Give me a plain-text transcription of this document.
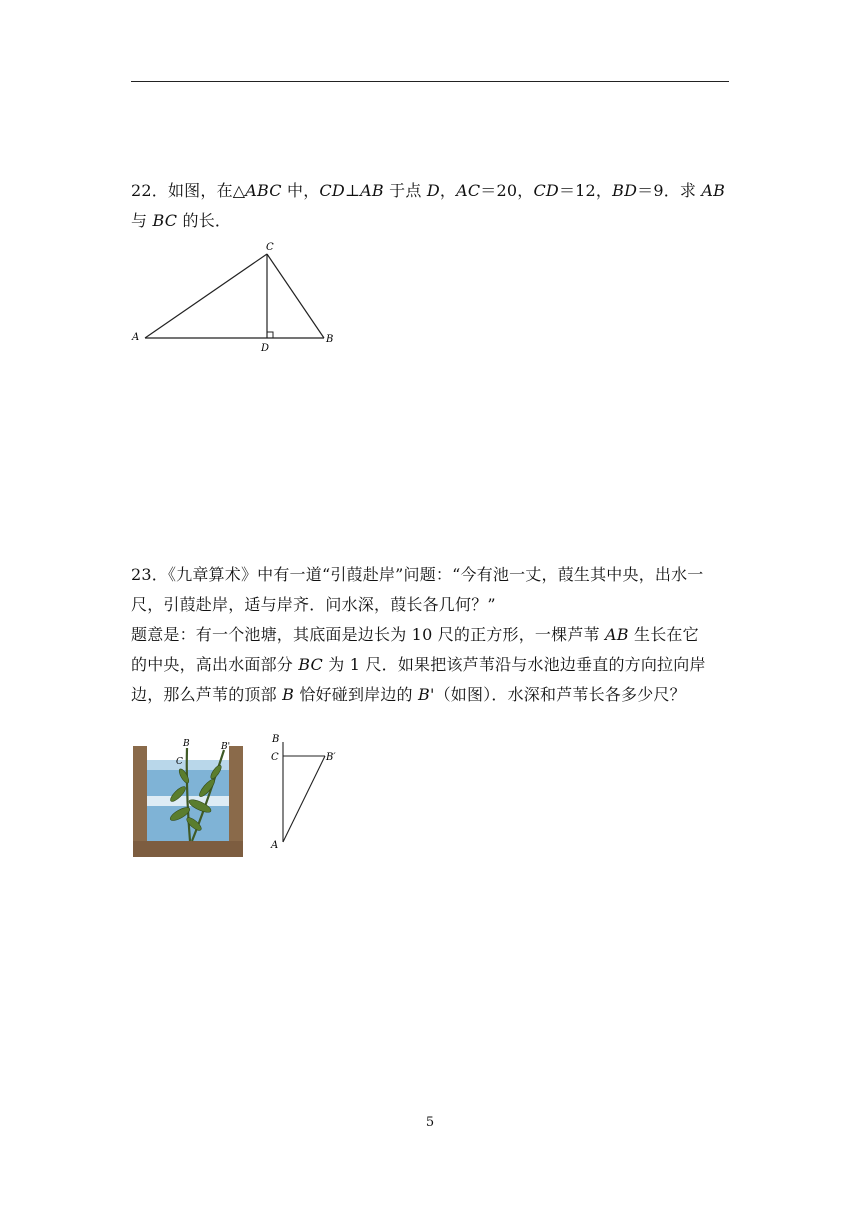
22．如图，在△ABC 中，CD⊥AB 于点 D，AC＝20，CD＝12，BD＝9．求 AB
与 BC 的长．
A
C
B
D
23．《九章算术》中有一道“引葭赴岸”问题：“今有池一丈，葭生其中央，出水一
尺，引葭赴岸，适与岸齐．问水深，葭长各几何？”
题意是：有一个池塘，其底面是边长为 10 尺的正方形，一棵芦苇 AB 生长在它
的中央，高出水面部分 BC 为 1 尺．如果把该芦苇沿与水池边垂直的方向拉向岸
边，那么芦苇的顶部 B 恰好碰到岸边的 B'（如图）．水深和芦苇长各多少尺？
B
C
B'
B
C	B′
A
5
